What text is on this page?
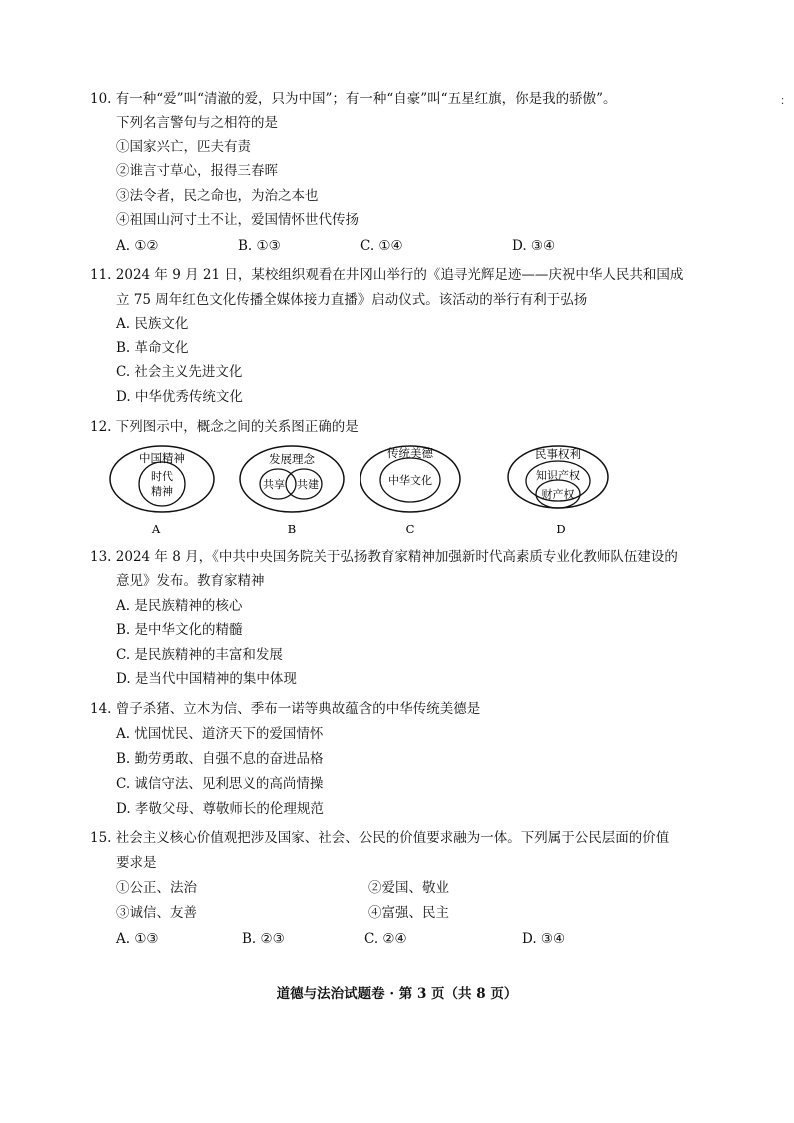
：
10. 有一种“爱”叫“清澈的爱，只为中国”；有一种“自豪”叫“五星红旗，你是我的骄傲”。
下列名言警句与之相符的是
①国家兴亡，匹夫有责
②谁言寸草心，报得三春晖
③法令者，民之命也，为治之本也
④祖国山河寸土不让，爱国情怀世代传扬
A. ①②	B. ①③	C. ①④	D. ③④
11. 2024 年 9 月 21 日，某校组织观看在井冈山举行的《追寻光辉足迹——庆祝中华人民共和国成
立 75 周年红色文化传播全媒体接力直播》启动仪式。该活动的举行有利于弘扬
A. 民族文化
B. 革命文化
C. 社会主义先进文化
D. 中华优秀传统文化
12. 下列图示中，概念之间的关系图正确的是
中国精神
时代
精神
A
发展理念
共享 共建
B
传统美德
中华文化
C
民事权利
知识产权
财产权
D
13. 2024 年 8 月，《中共中央国务院关于弘扬教育家精神加强新时代高素质专业化教师队伍建设的
意见》发布。教育家精神
A. 是民族精神的核心
B. 是中华文化的精髓
C. 是民族精神的丰富和发展
D. 是当代中国精神的集中体现
14. 曾子杀猪、立木为信、季布一诺等典故蕴含的中华传统美德是
A. 忧国忧民、道济天下的爱国情怀
B. 勤劳勇敢、自强不息的奋进品格
C. 诚信守法、见利思义的高尚情操
D. 孝敬父母、尊敬师长的伦理规范
15. 社会主义核心价值观把涉及国家、社会、公民的价值要求融为一体。下列属于公民层面的价值
要求是
①公正、法治	②爱国、敬业
③诚信、友善	④富强、民主
A. ①③	B. ②③	C. ②④	D. ③④
道德与法治试题卷 · 第 3 页（共 8 页）
